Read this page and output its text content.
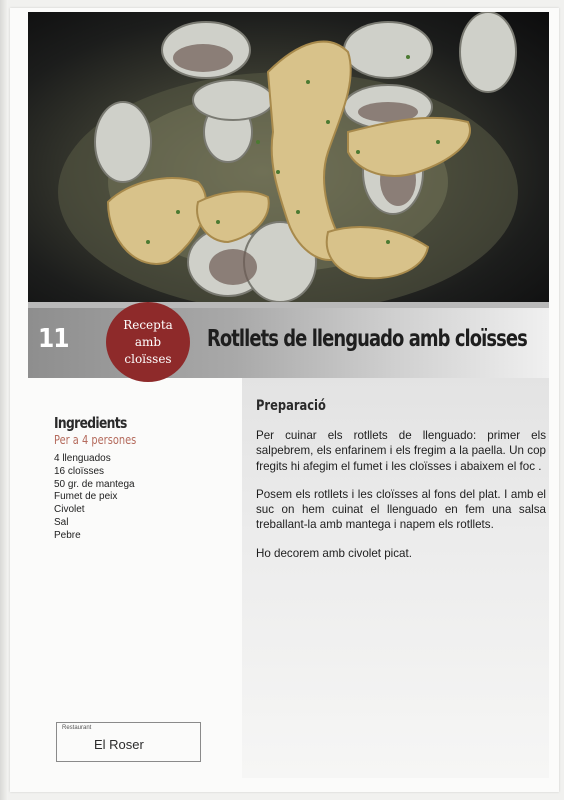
11	Recepta
amb
cloïsses
Rotllets de llenguado amb cloïsses
Ingredients
Per a 4 persones
4 llenguados
16 cloïsses
50 gr. de mantega
Fumet de peix
Civolet
Sal
Pebre
Preparació

Per cuinar els rotllets de llenguado: primer els salpebrem, els enfarinem i els fregim a la paella. Un cop fregits hi afegim el fumet i les cloïsses i abaixem el foc .

Posem els rotllets i les cloïsses al fons del plat. I amb el suc on hem cuinat el llenguado en fem una salsa treballant-la amb mantega i napem els rotllets.

Ho decorem amb civolet picat.

Restaurant
El Roser
